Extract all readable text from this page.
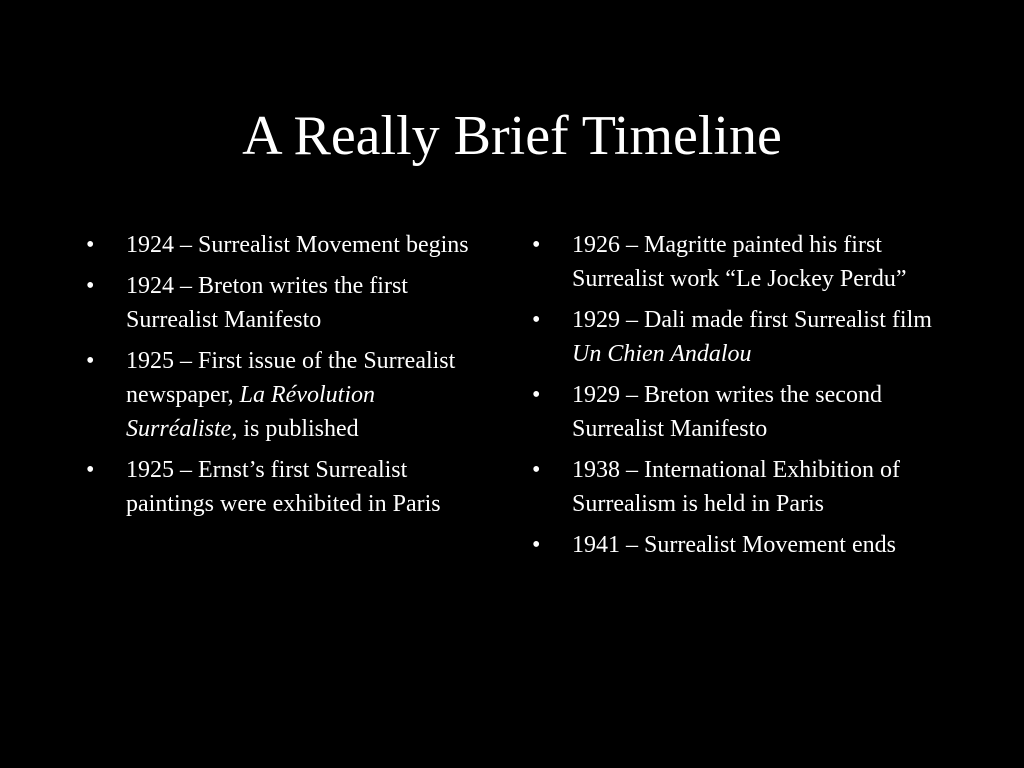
A Really Brief Timeline
•	1924 – Surrealist Movement begins
•	1924 – Breton writes the first Surrealist Manifesto
•	1925 – First issue of the Surrealist newspaper, La Révolution Surréaliste, is published
•	1925 – Ernst’s first Surrealist paintings were exhibited in Paris
•	1926 – Magritte painted his first Surrealist work “Le Jockey Perdu”
•	1929 – Dali made first Surrealist film Un Chien Andalou
•	1929 – Breton writes the second Surrealist Manifesto
•	1938 – International Exhibition of Surrealism is held in Paris
•	1941 – Surrealist Movement ends
